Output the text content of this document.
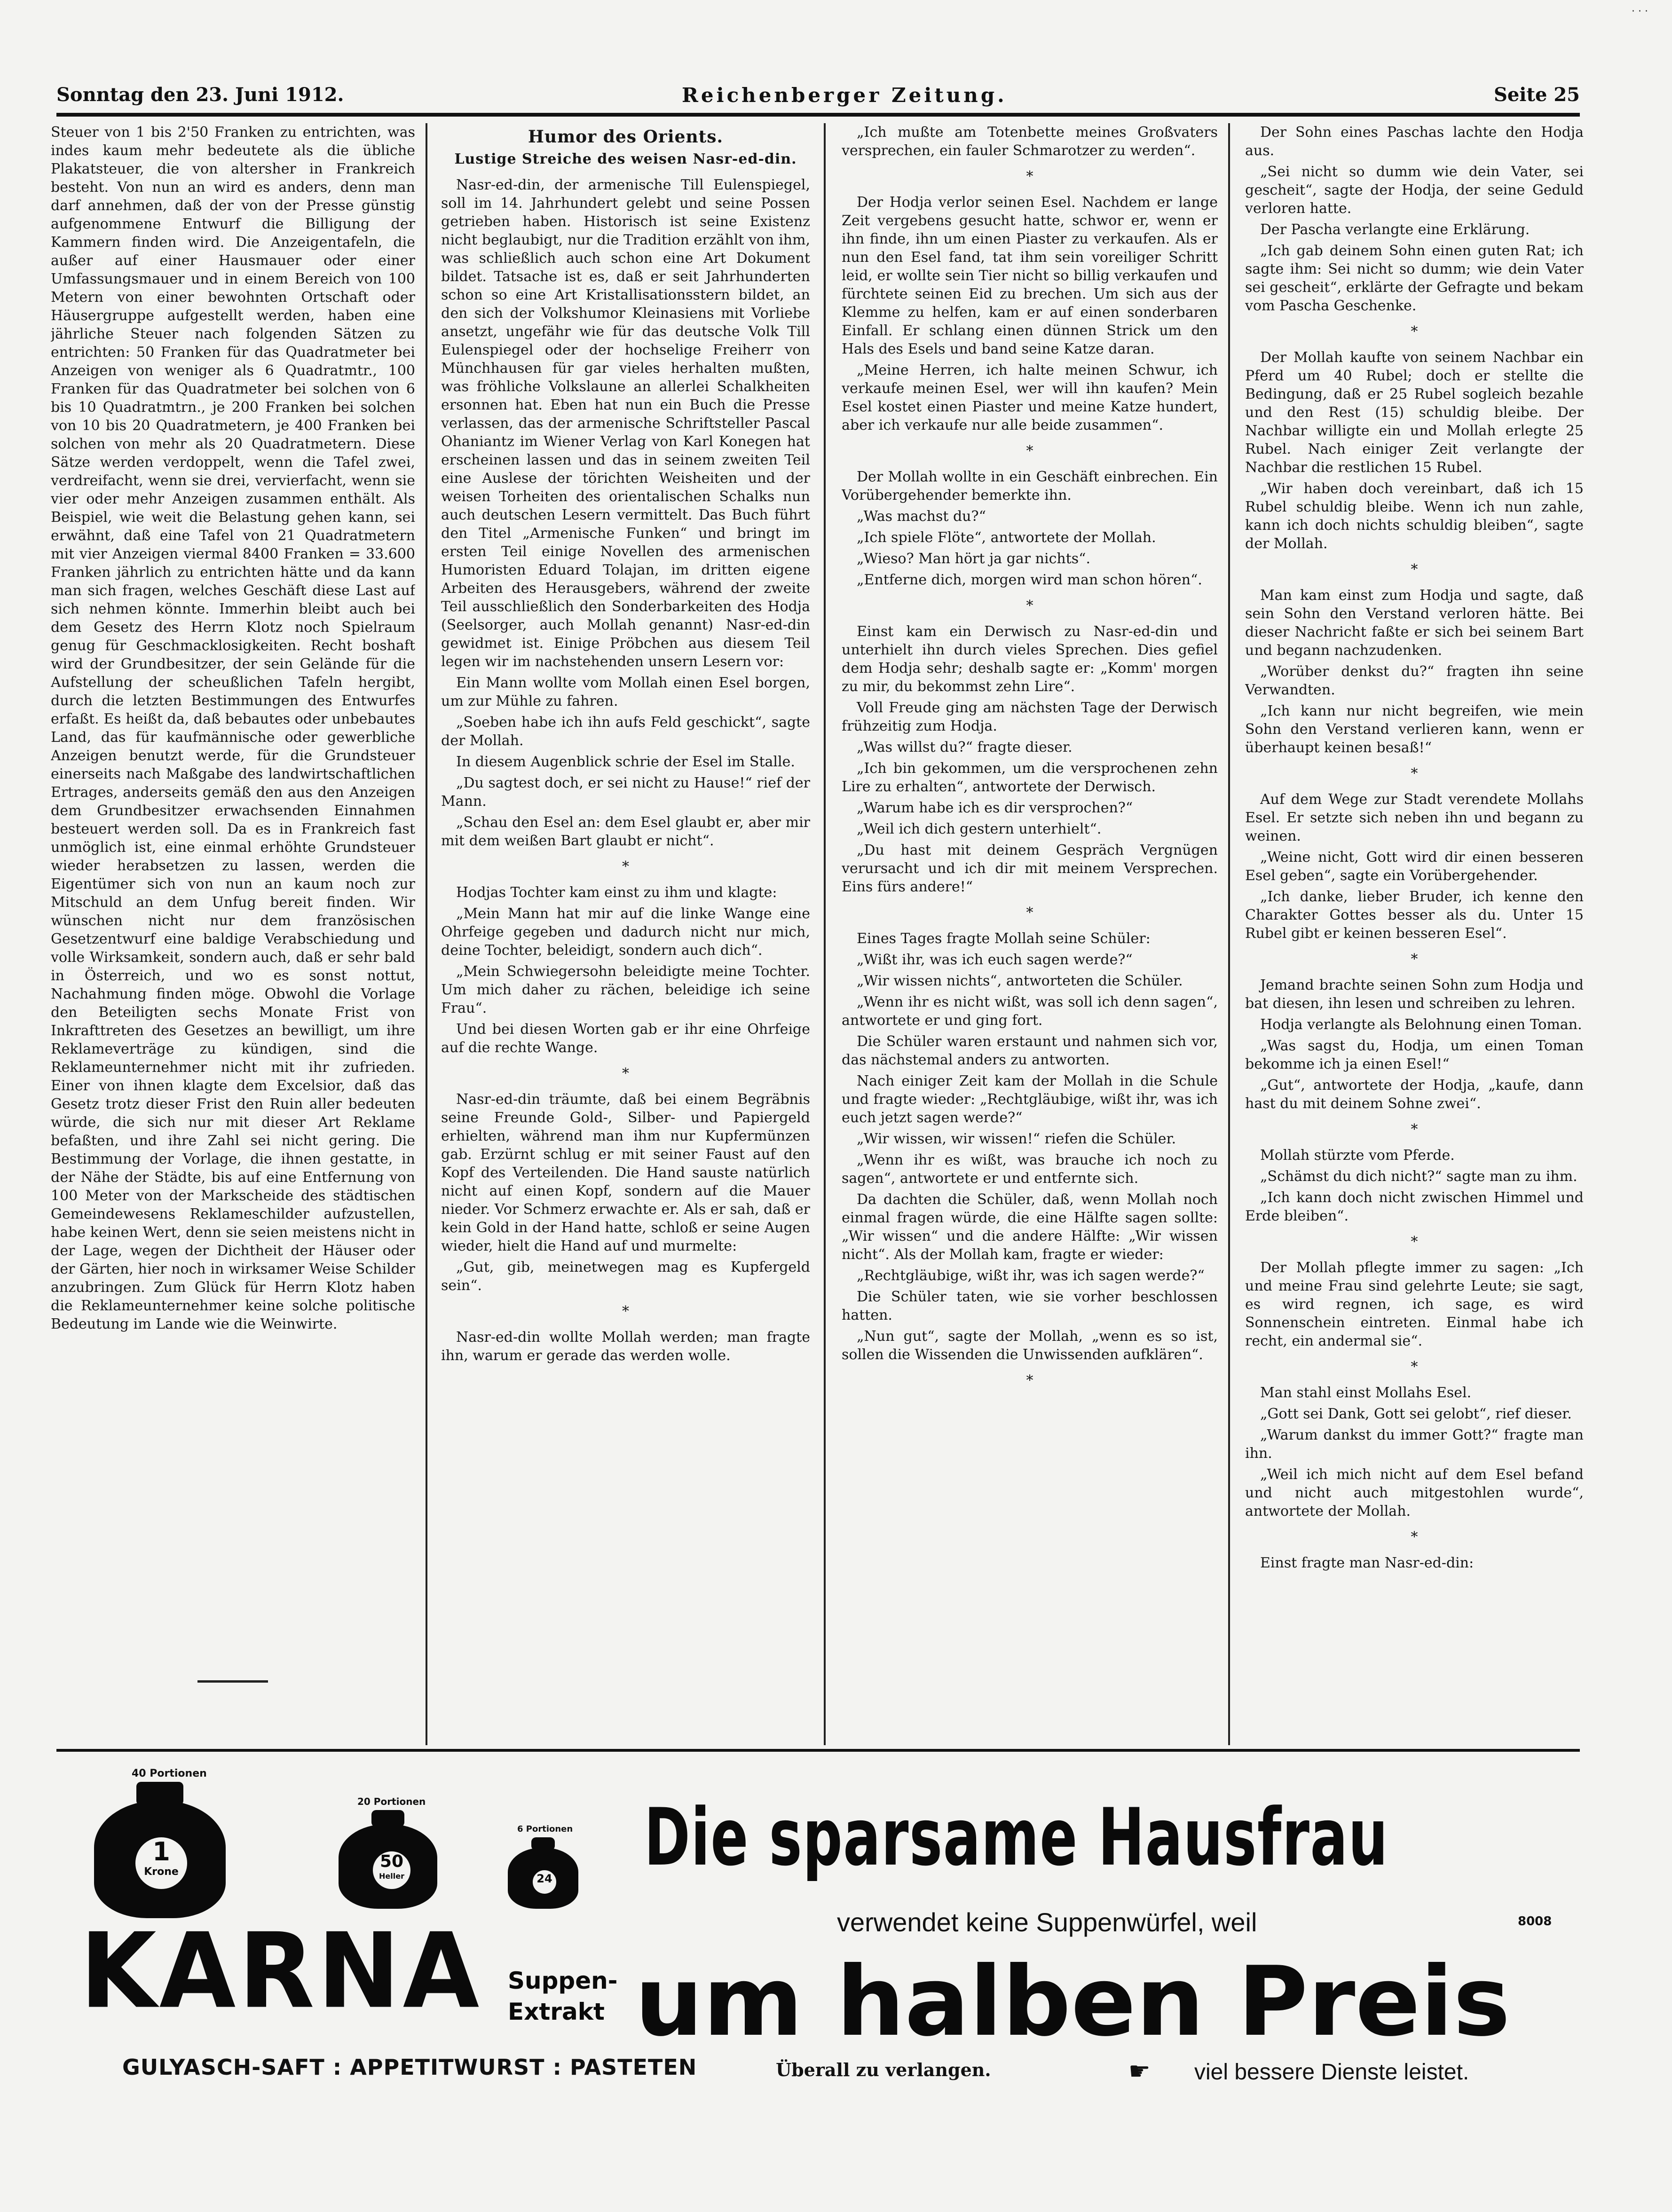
· · ·
Sonntag den 23. Juni 1912.	Reichenberger Zeitung.	Seite 25

Steuer von 1 bis 2'50 Franken zu entrichten, was indes kaum mehr bedeutete als die übliche Plakatsteuer, die von altersher in Frankreich besteht. Von nun an wird es anders, denn man darf annehmen, daß der von der Presse günstig aufgenommene Entwurf die Billigung der Kammern finden wird. Die Anzeigentafeln, die außer auf einer Hausmauer oder einer Umfassungsmauer und in einem Bereich von 100 Metern von einer bewohnten Ortschaft oder Häusergruppe aufgestellt werden, haben eine jährliche Steuer nach folgenden Sätzen zu entrichten: 50 Franken für das Quadratmeter bei Anzeigen von weniger als 6 Quadratmtr., 100 Franken für das Quadratmeter bei solchen von 6 bis 10 Quadratmtrn., je 200 Franken bei solchen von 10 bis 20 Quadratmetern, je 400 Franken bei solchen von mehr als 20 Quadratmetern. Diese Sätze werden verdoppelt, wenn die Tafel zwei, verdreifacht, wenn sie drei, vervierfacht, wenn sie vier oder mehr Anzeigen zusammen enthält. Als Beispiel, wie weit die Belastung gehen kann, sei erwähnt, daß eine Tafel von 21 Quadratmetern mit vier Anzeigen viermal 8400 Franken = 33.600 Franken jährlich zu entrichten hätte und da kann man sich fragen, welches Geschäft diese Last auf sich nehmen könnte. Immerhin bleibt auch bei dem Gesetz des Herrn Klotz noch Spielraum genug für Geschmacklosigkeiten. Recht boshaft wird der Grundbesitzer, der sein Gelände für die Aufstellung der scheußlichen Tafeln hergibt, durch die letzten Bestimmungen des Entwurfes erfaßt. Es heißt da, daß bebautes oder unbebautes Land, das für kaufmännische oder gewerbliche Anzeigen benutzt werde, für die Grundsteuer einerseits nach Maßgabe des landwirtschaftlichen Ertrages, anderseits gemäß den aus den Anzeigen dem Grundbesitzer erwachsenden Einnahmen besteuert werden soll. Da es in Frankreich fast unmöglich ist, eine einmal erhöhte Grundsteuer wieder herabsetzen zu lassen, werden die Eigentümer sich von nun an kaum noch zur Mitschuld an dem Unfug bereit finden. Wir wünschen nicht nur dem französischen Gesetzentwurf eine baldige Verabschiedung und volle Wirksamkeit, sondern auch, daß er sehr bald in Österreich, und wo es sonst nottut, Nachahmung finden möge. Obwohl die Vorlage den Beteiligten sechs Monate Frist von Inkrafttreten des Gesetzes an bewilligt, um ihre Reklameverträge zu kündigen, sind die Reklameunternehmer nicht mit ihr zufrieden. Einer von ihnen klagte dem Excelsior, daß das Gesetz trotz dieser Frist den Ruin aller bedeuten würde, die sich nur mit dieser Art Reklame befaßten, und ihre Zahl sei nicht gering. Die Bestimmung der Vorlage, die ihnen gestatte, in der Nähe der Städte, bis auf eine Entfernung von 100 Meter von der Markscheide des städtischen Gemeindewesens Reklameschilder aufzustellen, habe keinen Wert, denn sie seien meistens nicht in der Lage, wegen der Dichtheit der Häuser oder der Gärten, hier noch in wirksamer Weise Schilder anzubringen. Zum Glück für Herrn Klotz haben die Reklameunternehmer keine solche politische Bedeutung im Lande wie die Weinwirte.

Humor des Orients.
Lustige Streiche des weisen Nasr-ed-din.

Nasr-ed-din, der armenische Till Eulenspiegel, soll im 14. Jahrhundert gelebt und seine Possen getrieben haben. Historisch ist seine Existenz nicht beglaubigt, nur die Tradition erzählt von ihm, was schließlich auch schon eine Art Dokument bildet. Tatsache ist es, daß er seit Jahrhunderten schon so eine Art Kristallisationsstern bildet, an den sich der Volkshumor Kleinasiens mit Vorliebe ansetzt, ungefähr wie für das deutsche Volk Till Eulenspiegel oder der hochselige Freiherr von Münchhausen für gar vieles herhalten mußten, was fröhliche Volkslaune an allerlei Schalkheiten ersonnen hat. Eben hat nun ein Buch die Presse verlassen, das der armenische Schriftsteller Pascal Ohaniantz im Wiener Verlag von Karl Konegen hat erscheinen lassen und das in seinem zweiten Teil eine Auslese der törichten Weisheiten und der weisen Torheiten des orientalischen Schalks nun auch deutschen Lesern vermittelt. Das Buch führt den Titel „Armenische Funken“ und bringt im ersten Teil einige Novellen des armenischen Humoristen Eduard Tolajan, im dritten eigene Arbeiten des Herausgebers, während der zweite Teil ausschließlich den Sonderbarkeiten des Hodja (Seelsorger, auch Mollah genannt) Nasr-ed-din gewidmet ist. Einige Pröbchen aus diesem Teil legen wir im nachstehenden unsern Lesern vor:

Ein Mann wollte vom Mollah einen Esel borgen, um zur Mühle zu fahren.

„Soeben habe ich ihn aufs Feld geschickt“, sagte der Mollah.

In diesem Augenblick schrie der Esel im Stalle.

„Du sagtest doch, er sei nicht zu Hause!“ rief der Mann.

„Schau den Esel an: dem Esel glaubt er, aber mir mit dem weißen Bart glaubt er nicht“.

*

Hodjas Tochter kam einst zu ihm und klagte:

„Mein Mann hat mir auf die linke Wange eine Ohrfeige gegeben und dadurch nicht nur mich, deine Tochter, beleidigt, sondern auch dich“.

„Mein Schwiegersohn beleidigte meine Tochter. Um mich daher zu rächen, beleidige ich seine Frau“.

Und bei diesen Worten gab er ihr eine Ohrfeige auf die rechte Wange.

*

Nasr-ed-din träumte, daß bei einem Begräbnis seine Freunde Gold-, Silber- und Papiergeld erhielten, während man ihm nur Kupfermünzen gab. Erzürnt schlug er mit seiner Faust auf den Kopf des Verteilenden. Die Hand sauste natürlich nicht auf einen Kopf, sondern auf die Mauer nieder. Vor Schmerz erwachte er. Als er sah, daß er kein Gold in der Hand hatte, schloß er seine Augen wieder, hielt die Hand auf und murmelte:

„Gut, gib, meinetwegen mag es Kupfergeld sein“.

*

Nasr-ed-din wollte Mollah werden; man fragte ihn, warum er gerade das werden wolle.

„Ich mußte am Totenbette meines Großvaters versprechen, ein fauler Schmarotzer zu werden“.

*

Der Hodja verlor seinen Esel. Nachdem er lange Zeit vergebens gesucht hatte, schwor er, wenn er ihn finde, ihn um einen Piaster zu verkaufen. Als er nun den Esel fand, tat ihm sein voreiliger Schritt leid, er wollte sein Tier nicht so billig verkaufen und fürchtete seinen Eid zu brechen. Um sich aus der Klemme zu helfen, kam er auf einen sonderbaren Einfall. Er schlang einen dünnen Strick um den Hals des Esels und band seine Katze daran.

„Meine Herren, ich halte meinen Schwur, ich verkaufe meinen Esel, wer will ihn kaufen? Mein Esel kostet einen Piaster und meine Katze hundert, aber ich verkaufe nur alle beide zusammen“.

*

Der Mollah wollte in ein Geschäft einbrechen. Ein Vorübergehender bemerkte ihn.

„Was machst du?“

„Ich spiele Flöte“, antwortete der Mollah.

„Wieso? Man hört ja gar nichts“.

„Entferne dich, morgen wird man schon hören“.

*

Einst kam ein Derwisch zu Nasr-ed-din und unterhielt ihn durch vieles Sprechen. Dies gefiel dem Hodja sehr; deshalb sagte er: „Komm' morgen zu mir, du bekommst zehn Lire“.

Voll Freude ging am nächsten Tage der Derwisch frühzeitig zum Hodja.

„Was willst du?“ fragte dieser.

„Ich bin gekommen, um die versprochenen zehn Lire zu erhalten“, antwortete der Derwisch.

„Warum habe ich es dir versprochen?“

„Weil ich dich gestern unterhielt“.

„Du hast mit deinem Gespräch Vergnügen verursacht und ich dir mit meinem Versprechen. Eins fürs andere!“

*

Eines Tages fragte Mollah seine Schüler:

„Wißt ihr, was ich euch sagen werde?“

„Wir wissen nichts“, antworteten die Schüler.

„Wenn ihr es nicht wißt, was soll ich denn sagen“, antwortete er und ging fort.

Die Schüler waren erstaunt und nahmen sich vor, das nächstemal anders zu antworten.

Nach einiger Zeit kam der Mollah in die Schule und fragte wieder: „Rechtgläubige, wißt ihr, was ich euch jetzt sagen werde?“

„Wir wissen, wir wissen!“ riefen die Schüler.

„Wenn ihr es wißt, was brauche ich noch zu sagen“, antwortete er und entfernte sich.

Da dachten die Schüler, daß, wenn Mollah noch einmal fragen würde, die eine Hälfte sagen sollte: „Wir wissen“ und die andere Hälfte: „Wir wissen nicht“. Als der Mollah kam, fragte er wieder:

„Rechtgläubige, wißt ihr, was ich sagen werde?“

Die Schüler taten, wie sie vorher beschlossen hatten.

„Nun gut“, sagte der Mollah, „wenn es so ist, sollen die Wissenden die Unwissenden aufklären“.

*

Der Sohn eines Paschas lachte den Hodja aus.

„Sei nicht so dumm wie dein Vater, sei gescheit“, sagte der Hodja, der seine Geduld verloren hatte.

Der Pascha verlangte eine Erklärung.

„Ich gab deinem Sohn einen guten Rat; ich sagte ihm: Sei nicht so dumm; wie dein Vater sei gescheit“, erklärte der Gefragte und bekam vom Pascha Geschenke.

*

Der Mollah kaufte von seinem Nachbar ein Pferd um 40 Rubel; doch er stellte die Bedingung, daß er 25 Rubel sogleich bezahle und den Rest (15) schuldig bleibe. Der Nachbar willigte ein und Mollah erlegte 25 Rubel. Nach einiger Zeit verlangte der Nachbar die restlichen 15 Rubel.

„Wir haben doch vereinbart, daß ich 15 Rubel schuldig bleibe. Wenn ich nun zahle, kann ich doch nichts schuldig bleiben“, sagte der Mollah.

*

Man kam einst zum Hodja und sagte, daß sein Sohn den Verstand verloren hätte. Bei dieser Nachricht faßte er sich bei seinem Bart und begann nachzudenken.

„Worüber denkst du?“ fragten ihn seine Verwandten.

„Ich kann nur nicht begreifen, wie mein Sohn den Verstand verlieren kann, wenn er überhaupt keinen besaß!“

*

Auf dem Wege zur Stadt verendete Mollahs Esel. Er setzte sich neben ihn und begann zu weinen.

„Weine nicht, Gott wird dir einen besseren Esel geben“, sagte ein Vorübergehender.

„Ich danke, lieber Bruder, ich kenne den Charakter Gottes besser als du. Unter 15 Rubel gibt er keinen besseren Esel“.

*

Jemand brachte seinen Sohn zum Hodja und bat diesen, ihn lesen und schreiben zu lehren.

Hodja verlangte als Belohnung einen Toman.

„Was sagst du, Hodja, um einen Toman bekomme ich ja einen Esel!“

„Gut“, antwortete der Hodja, „kaufe, dann hast du mit deinem Sohne zwei“.

*

Mollah stürzte vom Pferde.

„Schämst du dich nicht?“ sagte man zu ihm.

„Ich kann doch nicht zwischen Himmel und Erde bleiben“.

*

Der Mollah pflegte immer zu sagen: „Ich und meine Frau sind gelehrte Leute; sie sagt, es wird regnen, ich sage, es wird Sonnenschein eintreten. Einmal habe ich recht, ein andermal sie“.

*

Man stahl einst Mollahs Esel.

„Gott sei Dank, Gott sei gelobt“, rief dieser.

„Warum dankst du immer Gott?“ fragte man ihn.

„Weil ich mich nicht auf dem Esel befand und nicht auch mitgestohlen wurde“, antwortete der Mollah.

*

Einst fragte man Nasr-ed-din:

40 Portionen
1
Krone
20 Portionen
50
Heller
6 Portionen
24
KARNA Suppen-
Extrakt
GULYASCH-SAFT : APPETITWURST : PASTETEN
Die sparsame Hausfrau
verwendet keine Suppenwürfel, weil	8008
um halben Preis
Überall zu verlangen.	☛ viel bessere Dienste leistet.
